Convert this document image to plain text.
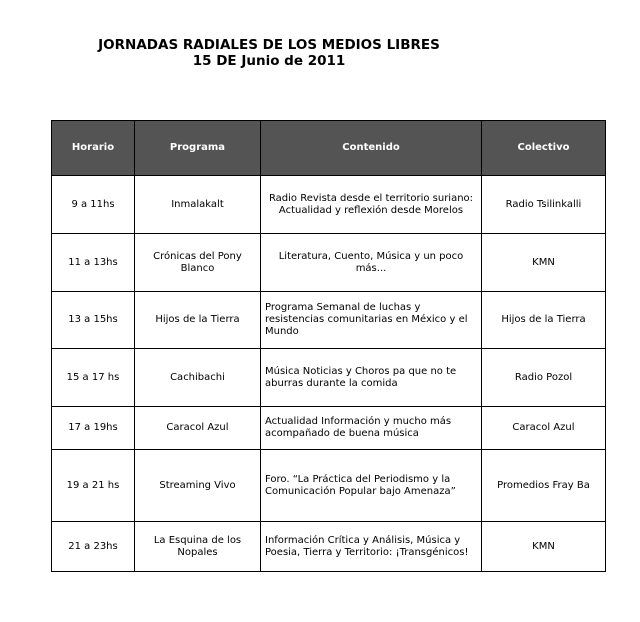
JORNADAS RADIALES DE LOS MEDIOS LIBRES
15 DE Junio de 2011
Horario	Programa	Contenido	Colectivo
9 a 11hs	Inmalakalt	Radio Revista desde el territorio suriano: Actualidad y reflexión desde Morelos	Radio Tsilinkalli
11 a 13hs	Crónicas del Pony Blanco	Literatura, Cuento, Música y un poco más...	KMN
13 a 15hs	Hijos de la Tierra	Programa Semanal de luchas y resistencias comunitarias en México y el Mundo	Hijos de la Tierra
15 a 17 hs	Cachibachi	Música Noticias y Choros pa que no te aburras durante la comida	Radio Pozol
17 a 19hs	Caracol Azul	Actualidad Información y mucho más acompañado de buena música	Caracol Azul
19 a 21 hs	Streaming Vivo	Foro. “La Práctica del Periodismo y la Comunicación Popular bajo Amenaza”	Promedios Fray Ba
21 a 23hs	La Esquina de los Nopales	Información Crítica y Análisis, Música y Poesia, Tierra y Territorio: ¡Transgénicos!	KMN
